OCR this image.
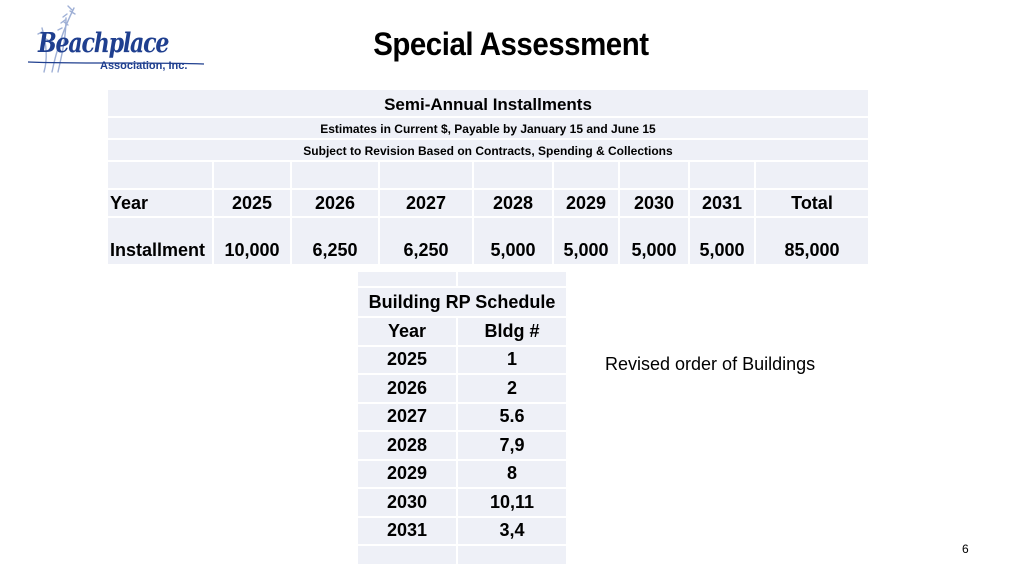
Beachplace
Association, Inc.
Special Assessment
Semi-Annual Installments
Estimates in Current $, Payable by January 15 and June 15
Subject to Revision Based on Contracts, Spending & Collections
Year	2025	2026	2027	2028	2029	2030	2031	Total
Installment	10,000	6,250	6,250	5,000	5,000	5,000	5,000	85,000
Building RP Schedule
Year	Bldg #
2025	1
2026	2
2027	5.6
2028	7,9
2029	8
2030	10,11
2031	3,4
Revised order of Buildings
6
